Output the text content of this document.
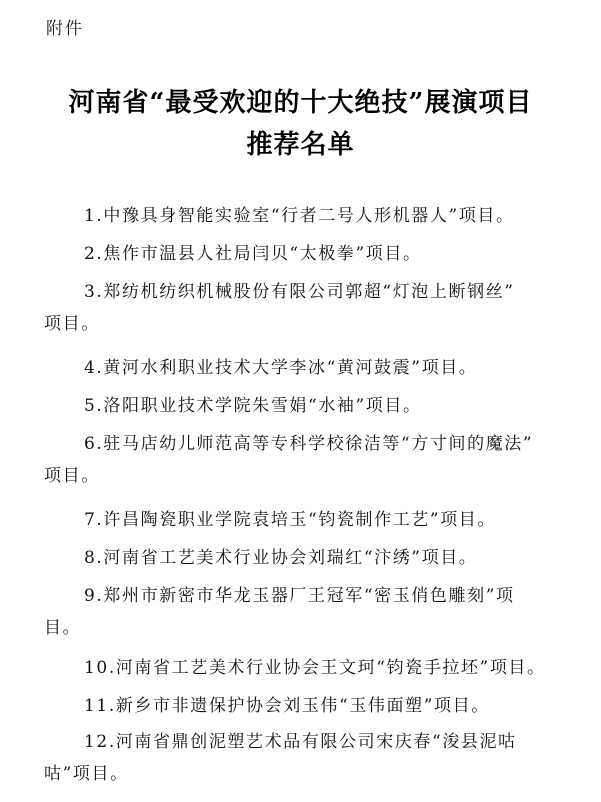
附件
河南省“最受欢迎的十大绝技”展演项目
推荐名单
1.中豫具身智能实验室“行者二号人形机器人”项目。
2.焦作市温县人社局闫贝“太极拳”项目。
3.郑纺机纺织机械股份有限公司郭超“灯泡上断钢丝”
项目。
4.黄河水利职业技术大学李冰“黄河鼓震”项目。
5.洛阳职业技术学院朱雪娟“水袖”项目。
6.驻马店幼儿师范高等专科学校徐洁等“方寸间的魔法”
项目。
7.许昌陶瓷职业学院袁培玉“钧瓷制作工艺”项目。
8.河南省工艺美术行业协会刘瑞红“汴绣”项目。
9.郑州市新密市华龙玉器厂王冠军“密玉俏色雕刻”项
目。
10.河南省工艺美术行业协会王文珂“钧瓷手拉坯”项目。
11.新乡市非遗保护协会刘玉伟“玉伟面塑”项目。
12.河南省鼎创泥塑艺术品有限公司宋庆春“浚县泥咕
咕”项目。
